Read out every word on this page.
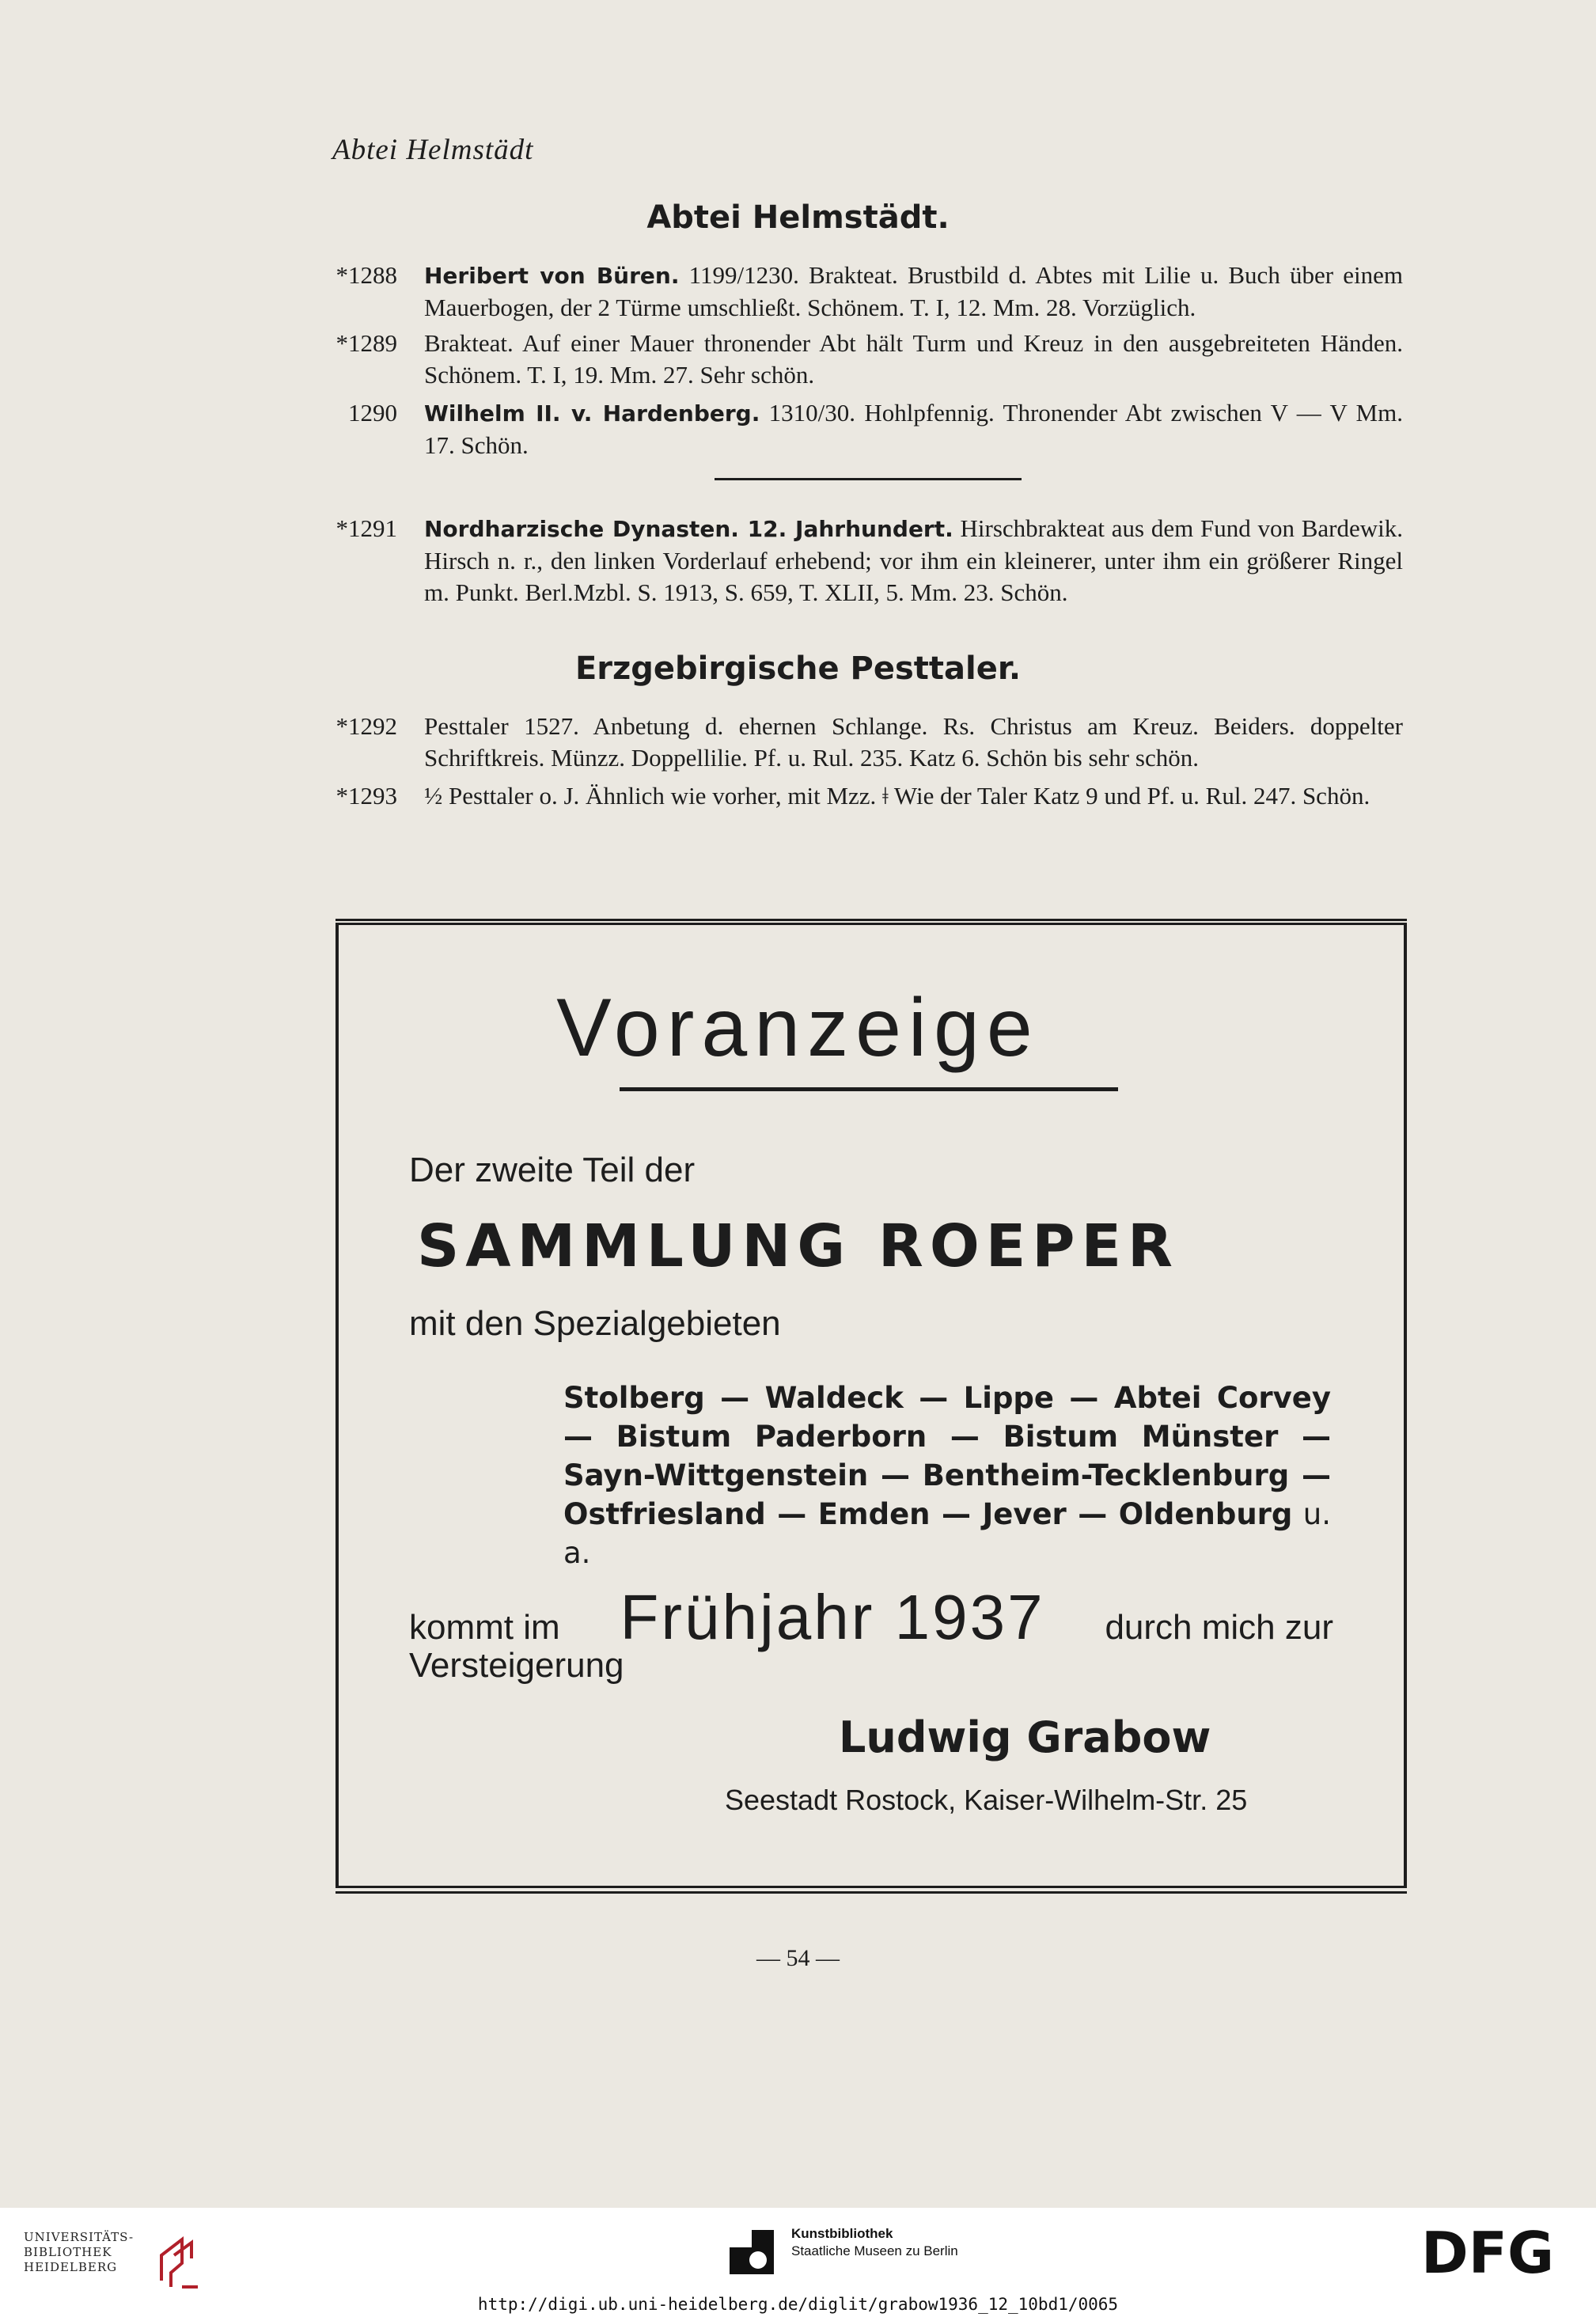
Abtei Helmstädt
Abtei Helmstädt.
*1288 Heribert von Büren. 1199/1230. Brakteat. Brustbild d. Abtes mit Lilie u. Buch über einem Mauerbogen, der 2 Türme umschließt. Schönem. T. I, 12. Mm. 28. Vorzüglich.
*1289 Brakteat. Auf einer Mauer thronender Abt hält Turm und Kreuz in den ausgebreiteten Händen. Schönem. T. I, 19. Mm. 27. Sehr schön.
1290 Wilhelm II. v. Hardenberg. 1310/30. Hohlpfennig. Thronender Abt zwischen V — V Mm. 17. Schön.
*1291 Nordharzische Dynasten. 12. Jahrhundert. Hirschbrakteat aus dem Fund von Bardewik. Hirsch n. r., den linken Vorderlauf erhebend; vor ihm ein kleinerer, unter ihm ein größerer Ringel m. Punkt. Berl.Mzbl. S. 1913, S. 659, T. XLII, 5. Mm. 23. Schön.
Erzgebirgische Pesttaler.
*1292 Pesttaler 1527. Anbetung d. ehernen Schlange. Rs. Christus am Kreuz. Beiders. doppelter Schriftkreis. Münzz. Doppellilie. Pf. u. Rul. 235. Katz 6. Schön bis sehr schön.
*1293 ½ Pesttaler o. J. Ähnlich wie vorher, mit Mzz. ǂ Wie der Taler Katz 9 und Pf. u. Rul. 247. Schön.
Voranzeige
Der zweite Teil der
SAMMLUNG ROEPER
mit den Spezialgebieten
Stolberg — Waldeck — Lippe — Abtei Corvey — Bistum Paderborn — Bistum Münster — Sayn-Wittgenstein — Bentheim-Tecklenburg — Ostfriesland — Emden — Jever — Oldenburg u. a.
kommt im Frühjahr 1937 durch mich zur
Versteigerung
Ludwig Grabow
Seestadt Rostock, Kaiser-Wilhelm-Str. 25
— 54 —
UNIVERSITÄTS-
BIBLIOTHEK
HEIDELBERG
Kunstbibliothek
Staatliche Museen zu Berlin	DFG
http://digi.ub.uni-heidelberg.de/diglit/grabow1936_12_10bd1/0065
